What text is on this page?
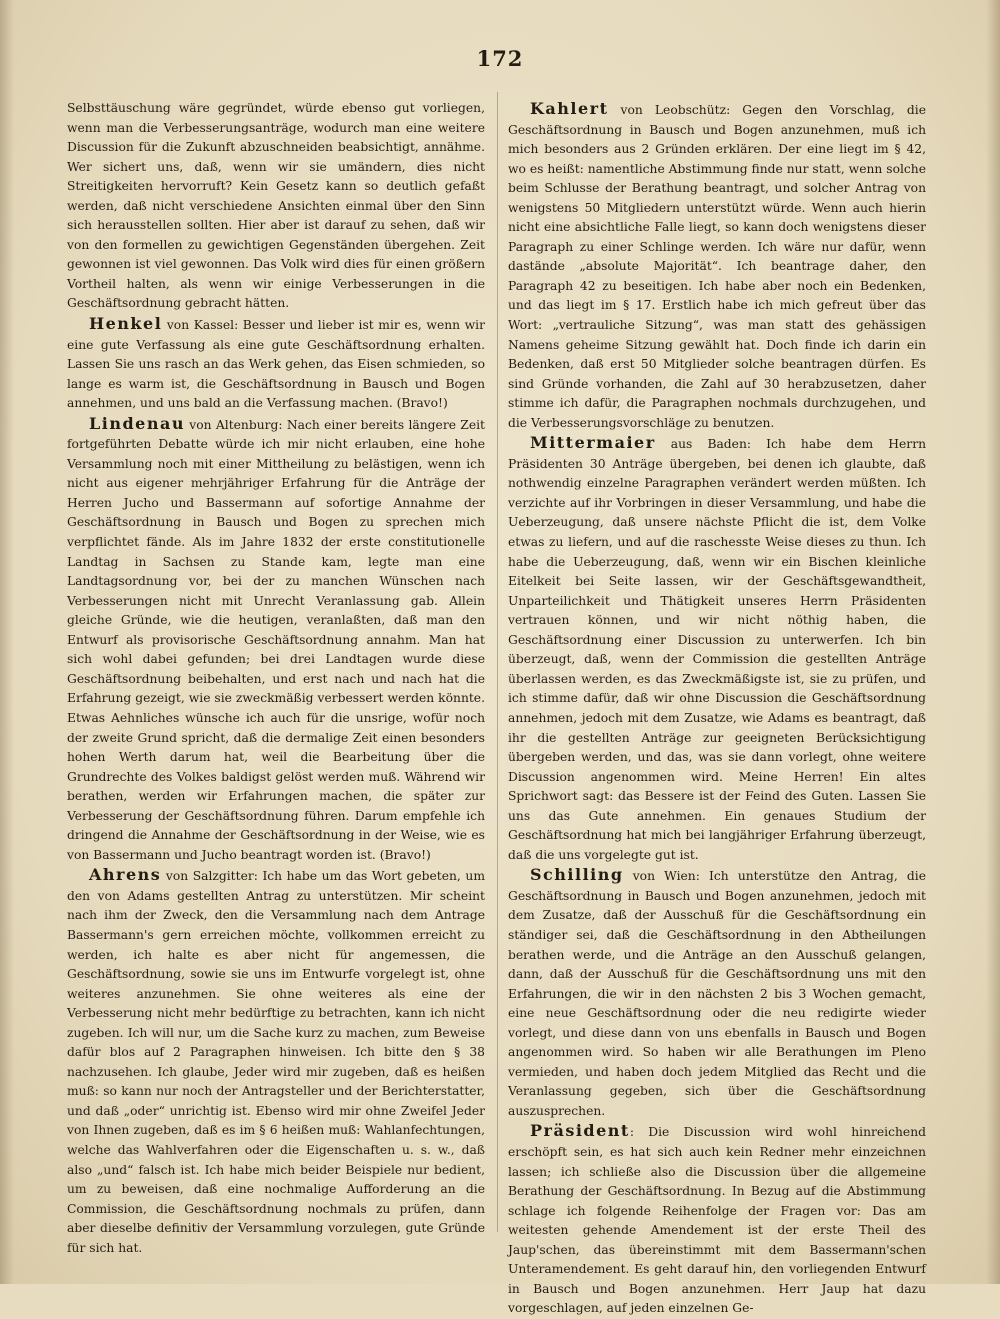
172

Selbsttäuschung wäre gegründet, würde ebenso gut vorliegen, wenn man die Verbesserungsanträge, wodurch man eine weitere Discussion für die Zukunft abzuschneiden beabsichtigt, annähme. Wer sichert uns, daß, wenn wir sie umändern, dies nicht Streitigkeiten hervorruft? Kein Gesetz kann so deutlich gefaßt werden, daß nicht verschiedene Ansichten einmal über den Sinn sich herausstellen sollten. Hier aber ist darauf zu sehen, daß wir von den formellen zu gewichtigen Gegenständen übergehen. Zeit gewonnen ist viel gewonnen. Das Volk wird dies für einen größern Vortheil halten, als wenn wir einige Verbesserungen in die Geschäftsordnung gebracht hätten.

Henkel von Kassel: Besser und lieber ist mir es, wenn wir eine gute Verfassung als eine gute Geschäftsordnung erhalten. Lassen Sie uns rasch an das Werk gehen, das Eisen schmieden, so lange es warm ist, die Geschäftsordnung in Bausch und Bogen annehmen, und uns bald an die Verfassung machen. (Bravo!)

Lindenau von Altenburg: Nach einer bereits längere Zeit fortgeführten Debatte würde ich mir nicht erlauben, eine hohe Versammlung noch mit einer Mittheilung zu belästigen, wenn ich nicht aus eigener mehrjähriger Erfahrung für die Anträge der Herren Jucho und Bassermann auf sofortige Annahme der Geschäftsordnung in Bausch und Bogen zu sprechen mich verpflichtet fände. Als im Jahre 1832 der erste constitutionelle Landtag in Sachsen zu Stande kam, legte man eine Landtagsordnung vor, bei der zu manchen Wünschen nach Verbesserungen nicht mit Unrecht Veranlassung gab. Allein gleiche Gründe, wie die heutigen, veranlaßten, daß man den Entwurf als provisorische Geschäftsordnung annahm. Man hat sich wohl dabei gefunden; bei drei Landtagen wurde diese Geschäftsordnung beibehalten, und erst nach und nach hat die Erfahrung gezeigt, wie sie zweckmäßig verbessert werden könnte. Etwas Aehnliches wünsche ich auch für die unsrige, wofür noch der zweite Grund spricht, daß die dermalige Zeit einen besonders hohen Werth darum hat, weil die Bearbeitung über die Grundrechte des Volkes baldigst gelöst werden muß. Während wir berathen, werden wir Erfahrungen machen, die später zur Verbesserung der Geschäftsordnung führen. Darum empfehle ich dringend die Annahme der Geschäftsordnung in der Weise, wie es von Bassermann und Jucho beantragt worden ist. (Bravo!)

Ahrens von Salzgitter: Ich habe um das Wort gebeten, um den von Adams gestellten Antrag zu unterstützen. Mir scheint nach ihm der Zweck, den die Versammlung nach dem Antrage Bassermann's gern erreichen möchte, vollkommen erreicht zu werden, ich halte es aber nicht für angemessen, die Geschäftsordnung, sowie sie uns im Entwurfe vorgelegt ist, ohne weiteres anzunehmen. Sie ohne weiteres als eine der Verbesserung nicht mehr bedürftige zu betrachten, kann ich nicht zugeben. Ich will nur, um die Sache kurz zu machen, zum Beweise dafür blos auf 2 Paragraphen hinweisen. Ich bitte den § 38 nachzusehen. Ich glaube, Jeder wird mir zugeben, daß es heißen muß: so kann nur noch der Antragsteller und der Berichterstatter, und daß „oder“ unrichtig ist. Ebenso wird mir ohne Zweifel Jeder von Ihnen zugeben, daß es im § 6 heißen muß: Wahlanfechtungen, welche das Wahlverfahren oder die Eigenschaften u. s. w., daß also „und“ falsch ist. Ich habe mich beider Beispiele nur bedient, um zu beweisen, daß eine nochmalige Aufforderung an die Commission, die Geschäftsordnung nochmals zu prüfen, dann aber dieselbe definitiv der Versammlung vorzulegen, gute Gründe für sich hat.

Kahlert von Leobschütz: Gegen den Vorschlag, die Geschäftsordnung in Bausch und Bogen anzunehmen, muß ich mich besonders aus 2 Gründen erklären. Der eine liegt im § 42, wo es heißt: namentliche Abstimmung finde nur statt, wenn solche beim Schlusse der Berathung beantragt, und solcher Antrag von wenigstens 50 Mitgliedern unterstützt würde. Wenn auch hierin nicht eine absichtliche Falle liegt, so kann doch wenigstens dieser Paragraph zu einer Schlinge werden. Ich wäre nur dafür, wenn dastände „absolute Majorität“. Ich beantrage daher, den Paragraph 42 zu beseitigen. Ich habe aber noch ein Bedenken, und das liegt im § 17. Erstlich habe ich mich gefreut über das Wort: „vertrauliche Sitzung“, was man statt des gehässigen Namens geheime Sitzung gewählt hat. Doch finde ich darin ein Bedenken, daß erst 50 Mitglieder solche beantragen dürfen. Es sind Gründe vorhanden, die Zahl auf 30 herabzusetzen, daher stimme ich dafür, die Paragraphen nochmals durchzugehen, und die Verbesserungsvorschläge zu benutzen.

Mittermaier aus Baden: Ich habe dem Herrn Präsidenten 30 Anträge übergeben, bei denen ich glaubte, daß nothwendig einzelne Paragraphen verändert werden müßten. Ich verzichte auf ihr Vorbringen in dieser Versammlung, und habe die Ueberzeugung, daß unsere nächste Pflicht die ist, dem Volke etwas zu liefern, und auf die raschesste Weise dieses zu thun. Ich habe die Ueberzeugung, daß, wenn wir ein Bischen kleinliche Eitelkeit bei Seite lassen, wir der Geschäftsgewandtheit, Unparteilichkeit und Thätigkeit unseres Herrn Präsidenten vertrauen können, und wir nicht nöthig haben, die Geschäftsordnung einer Discussion zu unterwerfen. Ich bin überzeugt, daß, wenn der Commission die gestellten Anträge überlassen werden, es das Zweckmäßigste ist, sie zu prüfen, und ich stimme dafür, daß wir ohne Discussion die Geschäftsordnung annehmen, jedoch mit dem Zusatze, wie Adams es beantragt, daß ihr die gestellten Anträge zur geeigneten Berücksichtigung übergeben werden, und das, was sie dann vorlegt, ohne weitere Discussion angenommen wird. Meine Herren! Ein altes Sprichwort sagt: das Bessere ist der Feind des Guten. Lassen Sie uns das Gute annehmen. Ein genaues Studium der Geschäftsordnung hat mich bei langjähriger Erfahrung überzeugt, daß die uns vorgelegte gut ist.

Schilling von Wien: Ich unterstütze den Antrag, die Geschäftsordnung in Bausch und Bogen anzunehmen, jedoch mit dem Zusatze, daß der Ausschuß für die Geschäftsordnung ein ständiger sei, daß die Geschäftsordnung in den Abtheilungen berathen werde, und die Anträge an den Ausschuß gelangen, dann, daß der Ausschuß für die Geschäftsordnung uns mit den Erfahrungen, die wir in den nächsten 2 bis 3 Wochen gemacht, eine neue Geschäftsordnung oder die neu redigirte wieder vorlegt, und diese dann von uns ebenfalls in Bausch und Bogen angenommen wird. So haben wir alle Berathungen im Pleno vermieden, und haben doch jedem Mitglied das Recht und die Veranlassung gegeben, sich über die Geschäftsordnung auszusprechen.

Präsident: Die Discussion wird wohl hinreichend erschöpft sein, es hat sich auch kein Redner mehr einzeichnen lassen; ich schließe also die Discussion über die allgemeine Berathung der Geschäftsordnung. In Bezug auf die Abstimmung schlage ich folgende Reihenfolge der Fragen vor: Das am weitesten gehende Amendement ist der erste Theil des Jaup'schen, das übereinstimmt mit dem Bassermann'schen Unteramendement. Es geht darauf hin, den vorliegenden Entwurf in Bausch und Bogen anzunehmen. Herr Jaup hat dazu vorgeschlagen, auf jeden einzelnen Ge-
